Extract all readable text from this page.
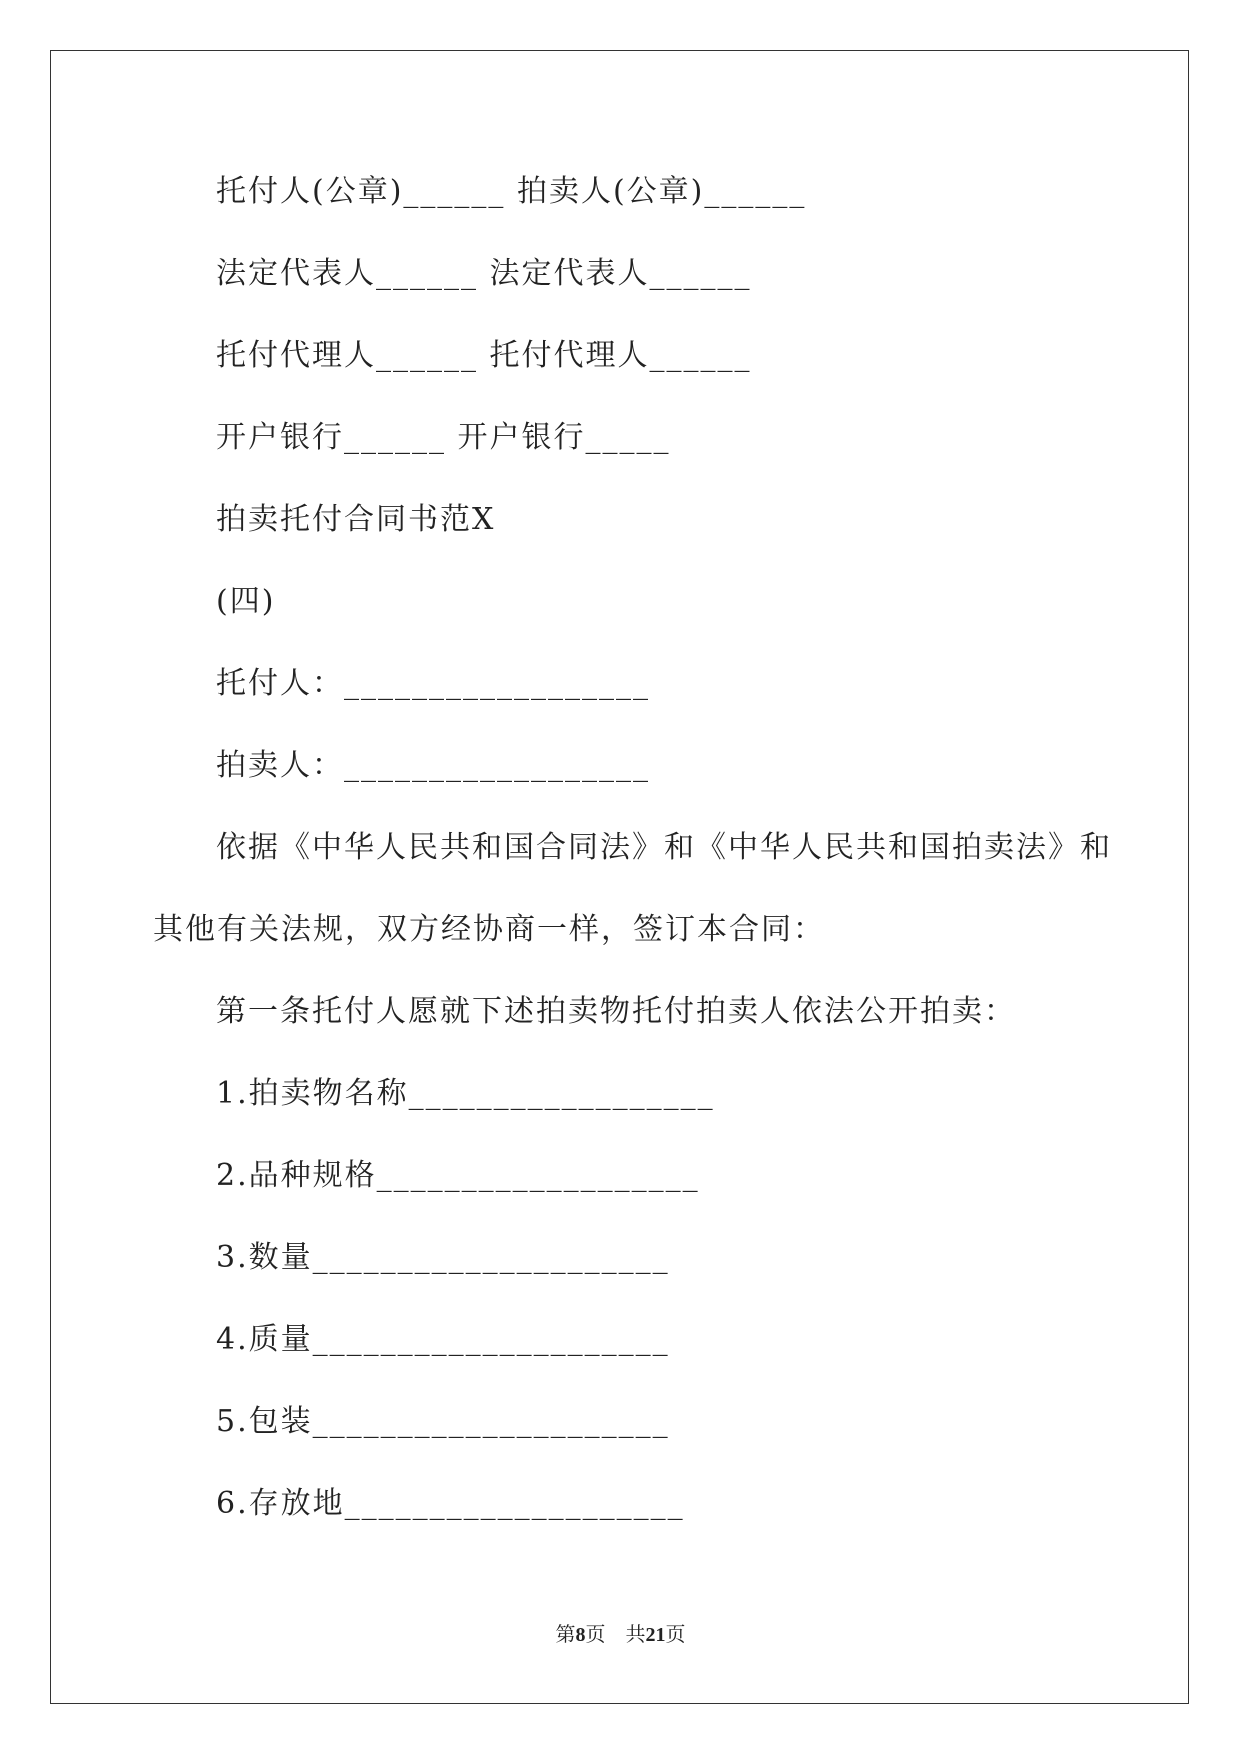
托付人(公章)______ 拍卖人(公章)______
法定代表人______ 法定代表人______
托付代理人______ 托付代理人______
开户银行______ 开户银行_____
拍卖托付合同书范X
(四)
托付人：__________________
拍卖人：__________________
依据《中华人民共和国合同法》和《中华人民共和国拍卖法》和
其他有关法规，双方经协商一样，签订本合同：
第一条托付人愿就下述拍卖物托付拍卖人依法公开拍卖：
1.拍卖物名称__________________
2.品种规格___________________
3.数量_____________________
4.质量_____________________
5.包装_____________________
6.存放地____________________
第8页    共21页
